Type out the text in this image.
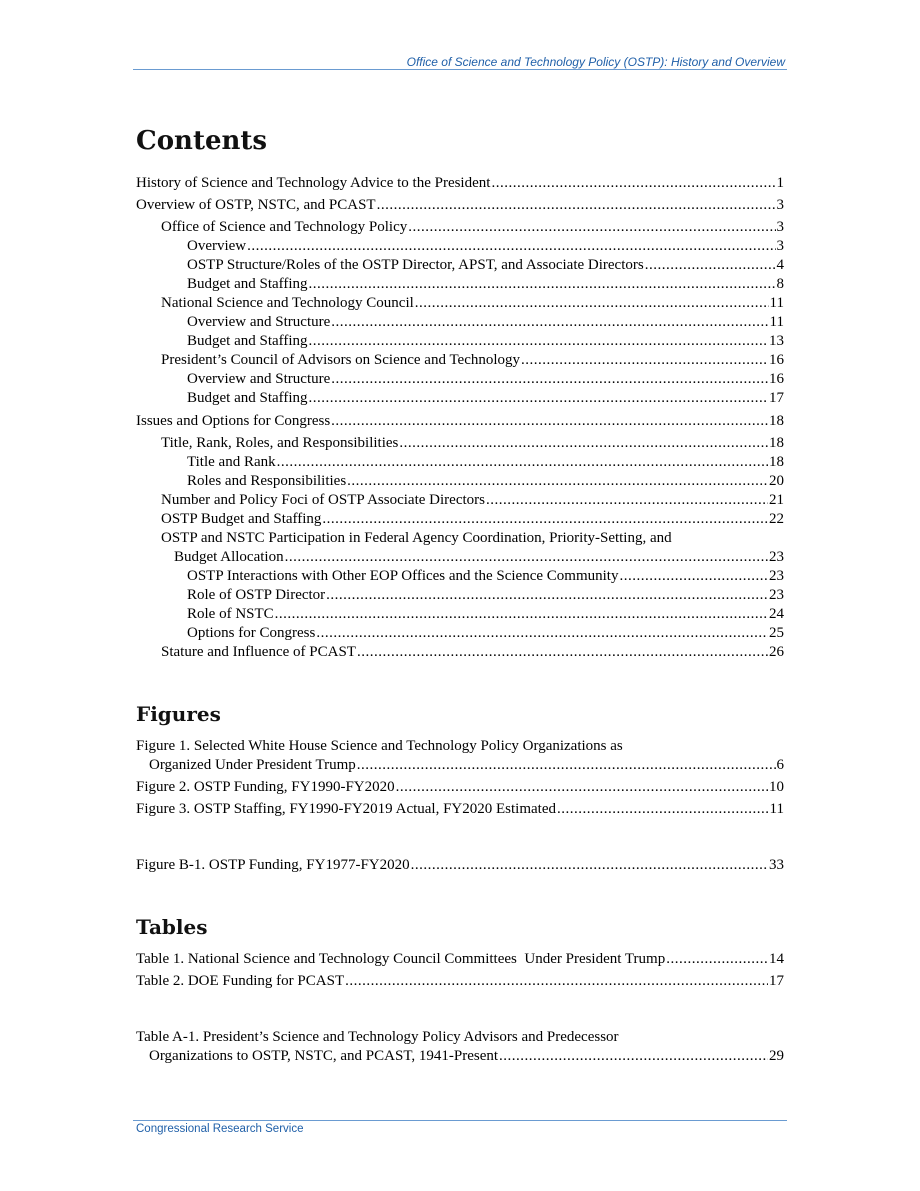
Office of Science and Technology Policy (OSTP): History and Overview
Contents
History of Science and Technology Advice to the President .....	1
Overview of OSTP, NSTC, and PCAST .....	3
Office of Science and Technology Policy .....	3
Overview .....	3
OSTP Structure/Roles of the OSTP Director, APST, and Associate Directors .....	4
Budget and Staffing .....	8
National Science and Technology Council .....	11
Overview and Structure .....	11
Budget and Staffing .....	13
President’s Council of Advisors on Science and Technology .....	16
Overview and Structure .....	16
Budget and Staffing .....	17
Issues and Options for Congress .....	18
Title, Rank, Roles, and Responsibilities .....	18
Title and Rank .....	18
Roles and Responsibilities .....	20
Number and Policy Foci of OSTP Associate Directors .....	21
OSTP Budget and Staffing .....	22
OSTP and NSTC Participation in Federal Agency Coordination, Priority-Setting, and
Budget Allocation .....	23
OSTP Interactions with Other EOP Offices and the Science Community .....	23
Role of OSTP Director .....	23
Role of NSTC .....	24
Options for Congress .....	25
Stature and Influence of PCAST .....	26
Figures
Figure 1. Selected White House Science and Technology Policy Organizations as
Organized Under President Trump .....	6
Figure 2. OSTP Funding, FY1990-FY2020 .....	10
Figure 3. OSTP Staffing, FY1990-FY2019 Actual, FY2020 Estimated .....	11
Figure B-1. OSTP Funding, FY1977-FY2020 .....	33
Tables
Table 1. National Science and Technology Council Committees  Under President Trump .....	14
Table 2. DOE Funding for PCAST .....	17
Table A-1. President’s Science and Technology Policy Advisors and Predecessor
Organizations to OSTP, NSTC, and PCAST, 1941-Present .....	29
Congressional Research Service
